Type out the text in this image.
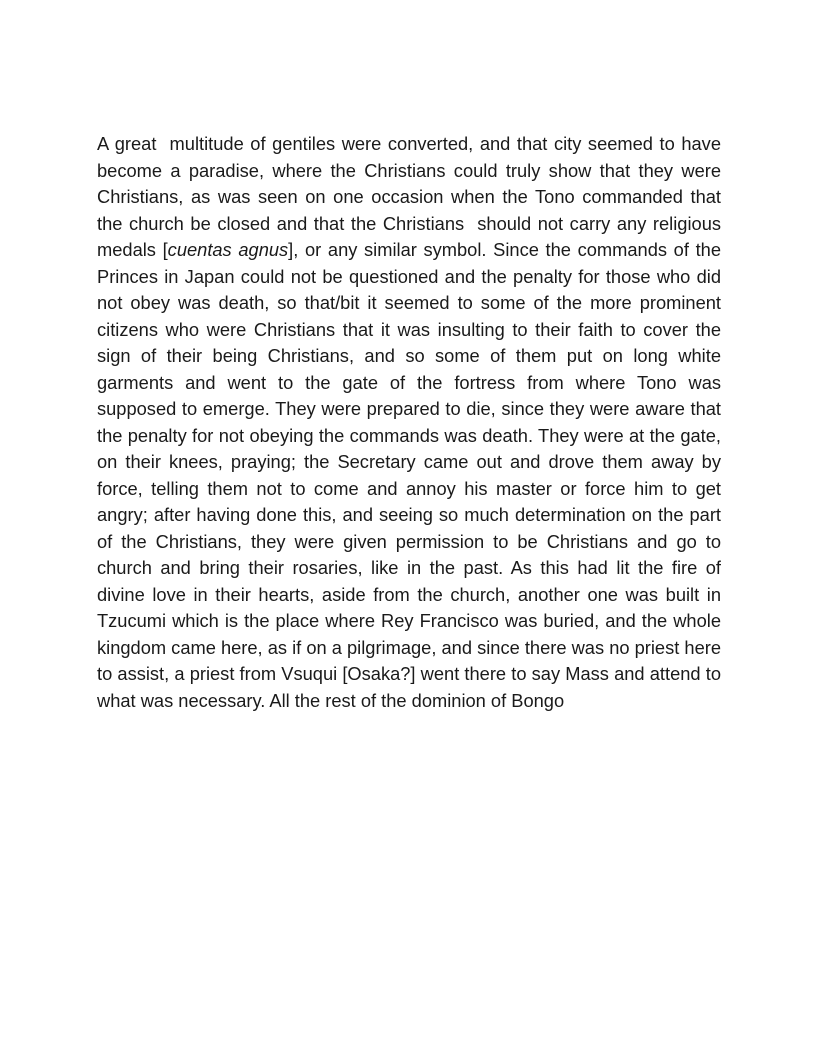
A great  multitude of gentiles were converted, and that city seemed to have become a paradise, where the Christians could truly show that they were Christians, as was seen on one occasion when the Tono commanded that the church be closed and that the Christians  should not carry any religious medals [cuentas agnus], or any similar symbol. Since the commands of the Princes in Japan could not be questioned and the penalty for those who did not obey was death, so that/bit it seemed to some of the more prominent citizens who were Christians that it was insulting to their faith to cover the sign of their being Christians, and so some of them put on long white garments and went to the gate of the fortress from where Tono was supposed to emerge. They were prepared to die, since they were aware that the penalty for not obeying the commands was death. They were at the gate, on their knees, praying; the Secretary came out and drove them away by force, telling them not to come and annoy his master or force him to get angry; after having done this, and seeing so much determination on the part of the Christians, they were given permission to be Christians and go to church and bring their rosaries, like in the past. As this had lit the fire of divine love in their hearts, aside from the church, another one was built in Tzucumi which is the place where Rey Francisco was buried, and the whole kingdom came here, as if on a pilgrimage, and since there was no priest here to assist, a priest from Vsuqui [Osaka?] went there to say Mass and attend to what was necessary. All the rest of the dominion of Bongo
